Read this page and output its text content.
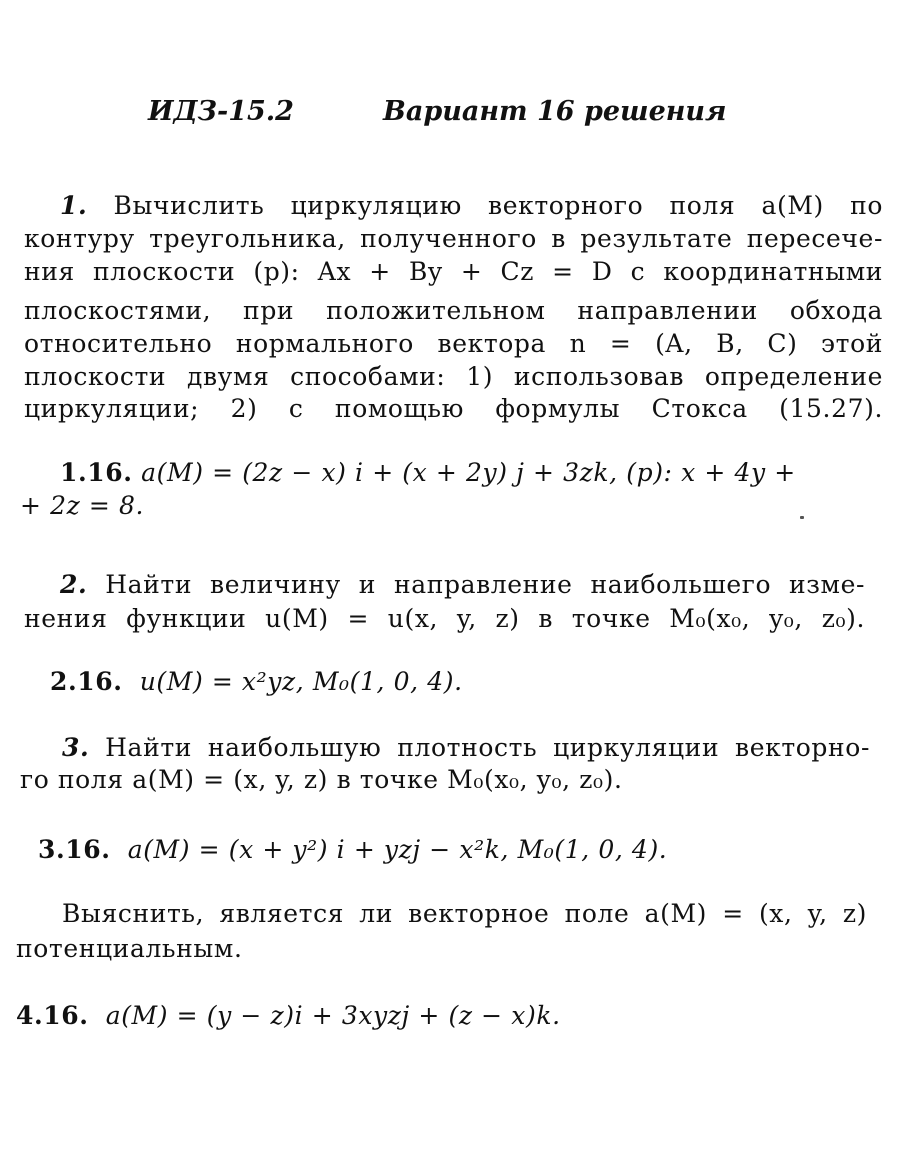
ИДЗ-15.2	Вариант 16 решения
1. Вычислить циркуляцию векторного поля a(M) по
контуру треугольника, полученного в результате пересече-
ния плоскости (p): Ax + By + Cz = D с координатными
плоскостями, при положительном направлении обхода
относительно нормального вектора n = (A, B, C) этой
плоскости двумя способами: 1) использовав определение
циркуляции; 2) с помощью формулы Стокса (15.27).
1.16. a(M) = (2z − x) i + (x + 2y) j + 3zk, (p): x + 4y +
+ 2z = 8.
2. Найти величину и направление наибольшего изме-
нения функции u(M) = u(x, y, z) в точке M₀(x₀, y₀, z₀).
2.16. u(M) = x²yz, M₀(1, 0, 4).
3. Найти наибольшую плотность циркуляции векторно-
го поля a(M) = (x, y, z) в точке M₀(x₀, y₀, z₀).
3.16. a(M) = (x + y²) i + yzj − x²k, M₀(1, 0, 4).
Выяснить, является ли векторное поле a(M) = (x, y, z)
потенциальным.
4.16. a(M) = (y − z)i + 3xyzj + (z − x)k.
